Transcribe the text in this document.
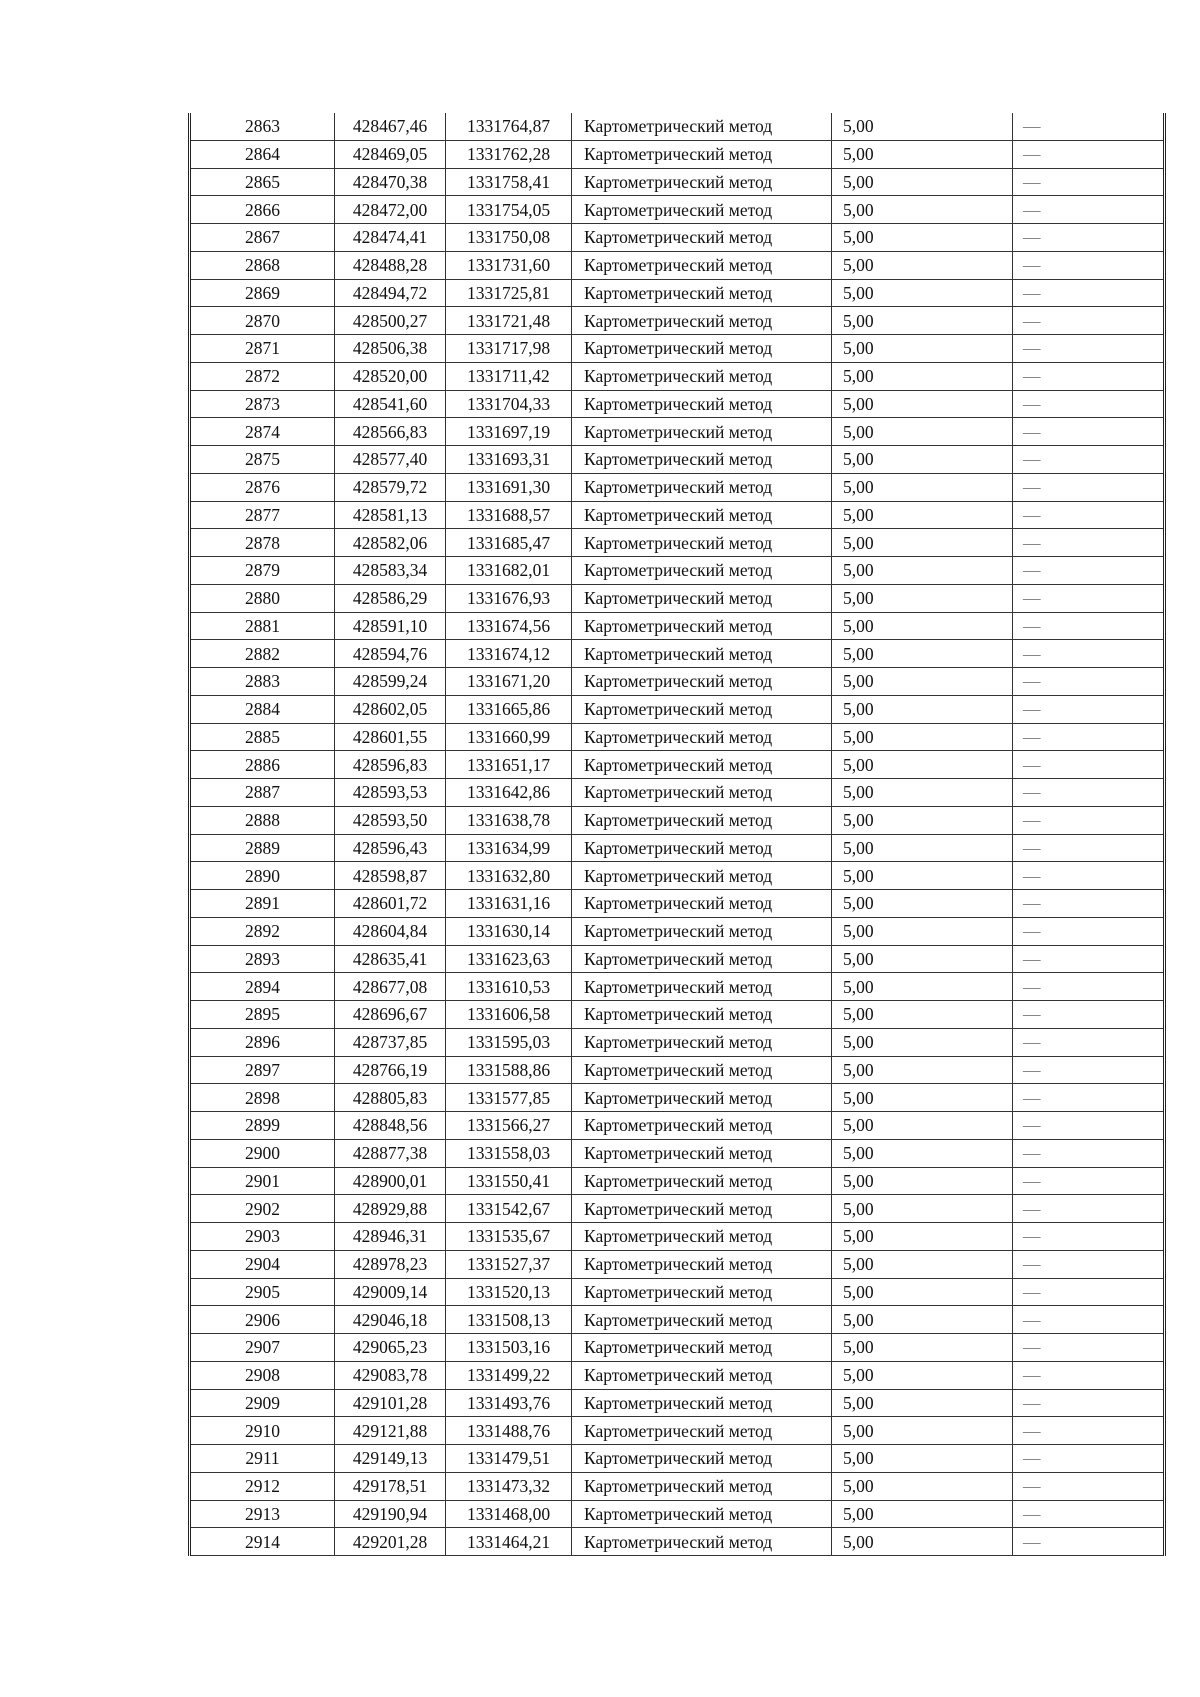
2863	428467,46	1331764,87	Картометрический метод	5,00	—
2864	428469,05	1331762,28	Картометрический метод	5,00	—
2865	428470,38	1331758,41	Картометрический метод	5,00	—
2866	428472,00	1331754,05	Картометрический метод	5,00	—
2867	428474,41	1331750,08	Картометрический метод	5,00	—
2868	428488,28	1331731,60	Картометрический метод	5,00	—
2869	428494,72	1331725,81	Картометрический метод	5,00	—
2870	428500,27	1331721,48	Картометрический метод	5,00	—
2871	428506,38	1331717,98	Картометрический метод	5,00	—
2872	428520,00	1331711,42	Картометрический метод	5,00	—
2873	428541,60	1331704,33	Картометрический метод	5,00	—
2874	428566,83	1331697,19	Картометрический метод	5,00	—
2875	428577,40	1331693,31	Картометрический метод	5,00	—
2876	428579,72	1331691,30	Картометрический метод	5,00	—
2877	428581,13	1331688,57	Картометрический метод	5,00	—
2878	428582,06	1331685,47	Картометрический метод	5,00	—
2879	428583,34	1331682,01	Картометрический метод	5,00	—
2880	428586,29	1331676,93	Картометрический метод	5,00	—
2881	428591,10	1331674,56	Картометрический метод	5,00	—
2882	428594,76	1331674,12	Картометрический метод	5,00	—
2883	428599,24	1331671,20	Картометрический метод	5,00	—
2884	428602,05	1331665,86	Картометрический метод	5,00	—
2885	428601,55	1331660,99	Картометрический метод	5,00	—
2886	428596,83	1331651,17	Картометрический метод	5,00	—
2887	428593,53	1331642,86	Картометрический метод	5,00	—
2888	428593,50	1331638,78	Картометрический метод	5,00	—
2889	428596,43	1331634,99	Картометрический метод	5,00	—
2890	428598,87	1331632,80	Картометрический метод	5,00	—
2891	428601,72	1331631,16	Картометрический метод	5,00	—
2892	428604,84	1331630,14	Картометрический метод	5,00	—
2893	428635,41	1331623,63	Картометрический метод	5,00	—
2894	428677,08	1331610,53	Картометрический метод	5,00	—
2895	428696,67	1331606,58	Картометрический метод	5,00	—
2896	428737,85	1331595,03	Картометрический метод	5,00	—
2897	428766,19	1331588,86	Картометрический метод	5,00	—
2898	428805,83	1331577,85	Картометрический метод	5,00	—
2899	428848,56	1331566,27	Картометрический метод	5,00	—
2900	428877,38	1331558,03	Картометрический метод	5,00	—
2901	428900,01	1331550,41	Картометрический метод	5,00	—
2902	428929,88	1331542,67	Картометрический метод	5,00	—
2903	428946,31	1331535,67	Картометрический метод	5,00	—
2904	428978,23	1331527,37	Картометрический метод	5,00	—
2905	429009,14	1331520,13	Картометрический метод	5,00	—
2906	429046,18	1331508,13	Картометрический метод	5,00	—
2907	429065,23	1331503,16	Картометрический метод	5,00	—
2908	429083,78	1331499,22	Картометрический метод	5,00	—
2909	429101,28	1331493,76	Картометрический метод	5,00	—
2910	429121,88	1331488,76	Картометрический метод	5,00	—
2911	429149,13	1331479,51	Картометрический метод	5,00	—
2912	429178,51	1331473,32	Картометрический метод	5,00	—
2913	429190,94	1331468,00	Картометрический метод	5,00	—
2914	429201,28	1331464,21	Картометрический метод	5,00	—
